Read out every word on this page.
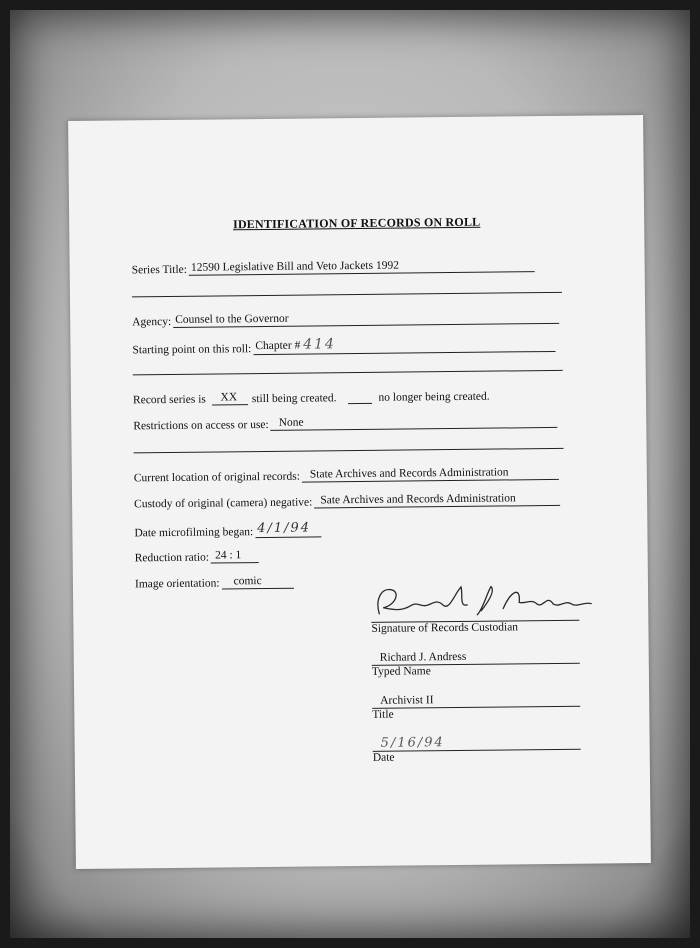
IDENTIFICATION OF RECORDS ON ROLL
Series Title: 12590 Legislative Bill and Veto Jackets 1992
Agency: Counsel to the Governor
Starting point on this roll: Chapter # 414
Record series is	XX	still being created.	no longer being created.
Restrictions on access or use: None
Current location of original records: State Archives and Records Administration
Custody of original (camera) negative: Sate Archives and Records Administration
Date microfilming began: 4/1/94
Reduction ratio: 24 : 1
Image orientation:	comic
Signature of Records Custodian
Richard J. Andress
Typed Name
Archivist II
Title
5/16/94
Date
